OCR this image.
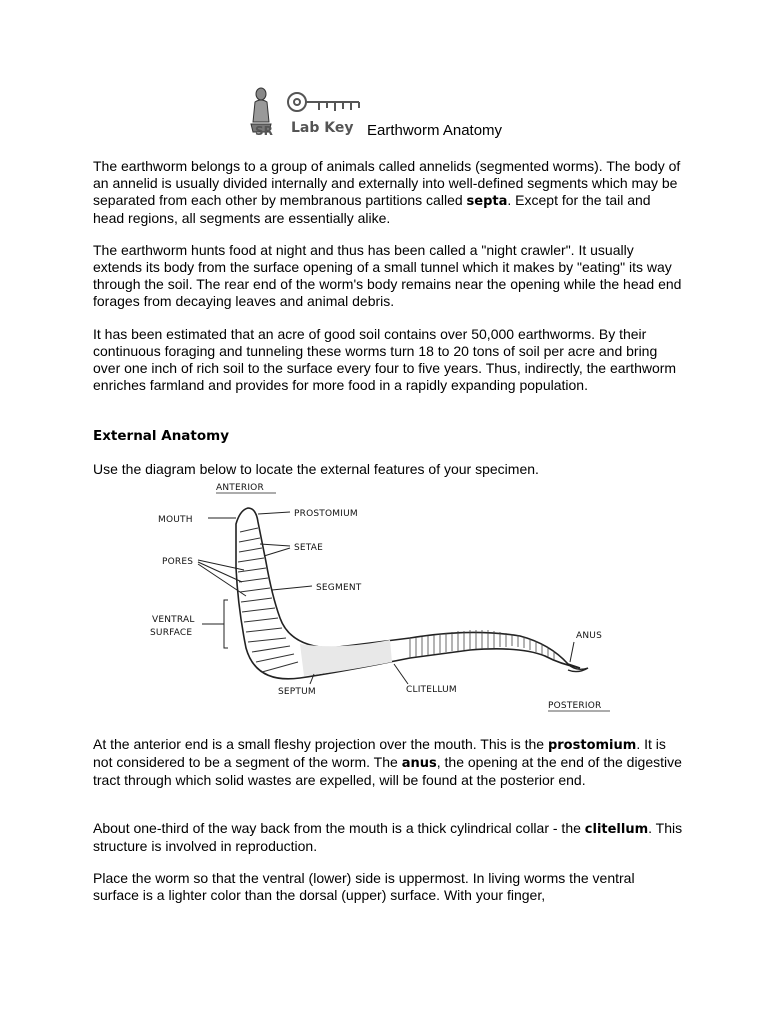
SR Lab Key Earthworm Anatomy

The earthworm belongs to a group of animals called annelids (segmented worms). The body of an annelid is usually divided internally and externally into well-defined segments which may be separated from each other by membranous partitions called septa. Except for the tail and head regions, all segments are essentially alike.

The earthworm hunts food at night and thus has been called a "night crawler". It usually extends its body from the surface opening of a small tunnel which it makes by "eating" its way through the soil. The rear end of the worm's body remains near the opening while the head end forages from decaying leaves and animal debris.

It has been estimated that an acre of good soil contains over 50,000 earthworms. By their continuous foraging and tunneling these worms turn 18 to 20 tons of soil per acre and bring over one inch of rich soil to the surface every four to five years. Thus, indirectly, the earthworm enriches farmland and provides for more food in a rapidly expanding population.

External Anatomy

Use the diagram below to locate the external features of your specimen.

ANTERIOR
MOUTH
PROSTOMIUM
SETAE
PORES
SEGMENT
VENTRAL
SURFACE	ANUS
SEPTUM	CLITELLUM
POSTERIOR

At the anterior end is a small fleshy projection over the mouth. This is the prostomium. It is not considered to be a segment of the worm. The anus, the opening at the end of the digestive tract through which solid wastes are expelled, will be found at the posterior end.

About one-third of the way back from the mouth is a thick cylindrical collar - the clitellum. This structure is involved in reproduction.

Place the worm so that the ventral (lower) side is uppermost. In living worms the ventral surface is a lighter color than the dorsal (upper) surface. With your finger,
